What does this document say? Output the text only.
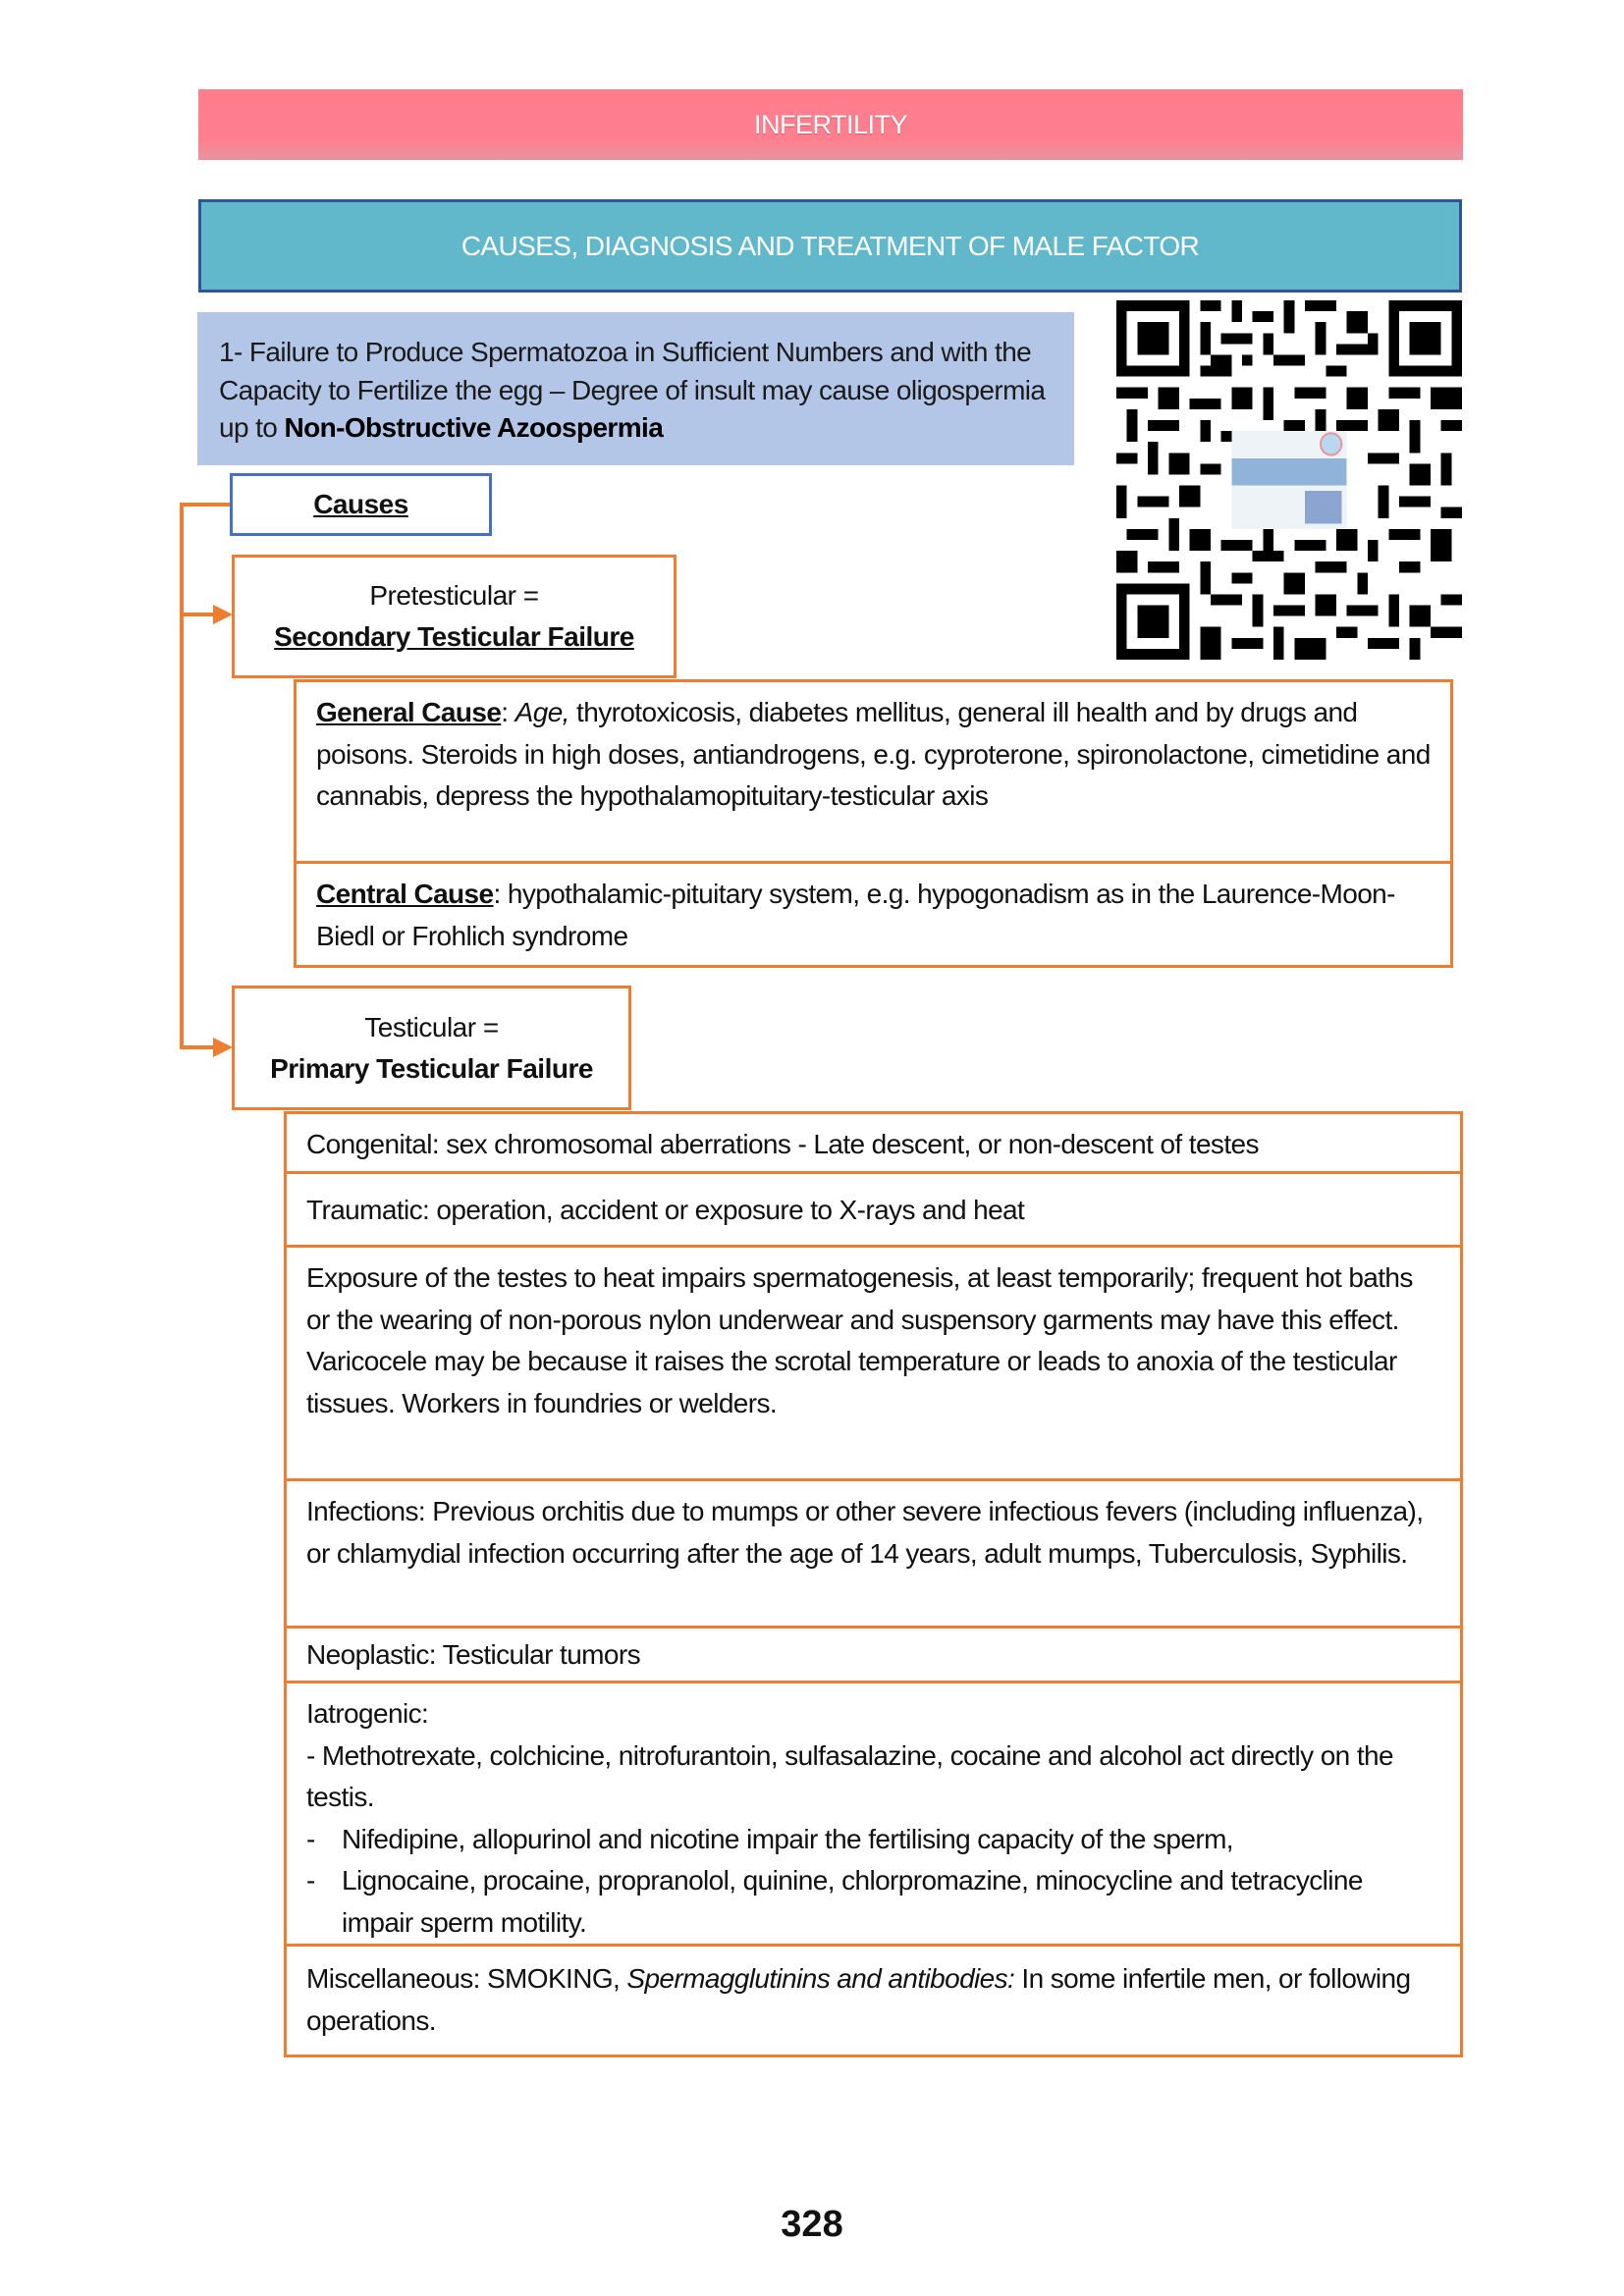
INFERTILITY
CAUSES, DIAGNOSIS AND TREATMENT OF MALE FACTOR
1- Failure to Produce Spermatozoa in Sufficient Numbers and with the Capacity to Fertilize the egg – Degree of insult may cause oligospermia up to Non-Obstructive Azoospermia
Causes
Pretesticular =
Secondary Testicular Failure
General Cause: Age, thyrotoxicosis, diabetes mellitus, general ill health and by drugs and poisons. Steroids in high doses, antiandrogens, e.g. cyproterone, spironolactone, cimetidine and cannabis, depress the hypothalamopituitary-testicular axis
Central Cause: hypothalamic-pituitary system, e.g. hypogonadism as in the Laurence-Moon-Biedl or Frohlich syndrome
Testicular =
Primary Testicular Failure
Congenital: sex chromosomal aberrations - Late descent, or non-descent of testes
Traumatic: operation, accident or exposure to X-rays and heat
Exposure of the testes to heat impairs spermatogenesis, at least temporarily; frequent hot baths or the wearing of non-porous nylon underwear and suspensory garments may have this effect. Varicocele may be because it raises the scrotal temperature or leads to anoxia of the testicular tissues. Workers in foundries or welders.
Infections: Previous orchitis due to mumps or other severe infectious fevers (including influenza), or chlamydial infection occurring after the age of 14 years, adult mumps, Tuberculosis, Syphilis.
Neoplastic: Testicular tumors
Iatrogenic:
- Methotrexate, colchicine, nitrofurantoin, sulfasalazine, cocaine and alcohol act directly on the testis.
- Nifedipine, allopurinol and nicotine impair the fertilising capacity of the sperm,
- Lignocaine, procaine, propranolol, quinine, chlorpromazine, minocycline and tetracycline impair sperm motility.
Miscellaneous: SMOKING, Spermagglutinins and antibodies: In some infertile men, or following operations.
328
